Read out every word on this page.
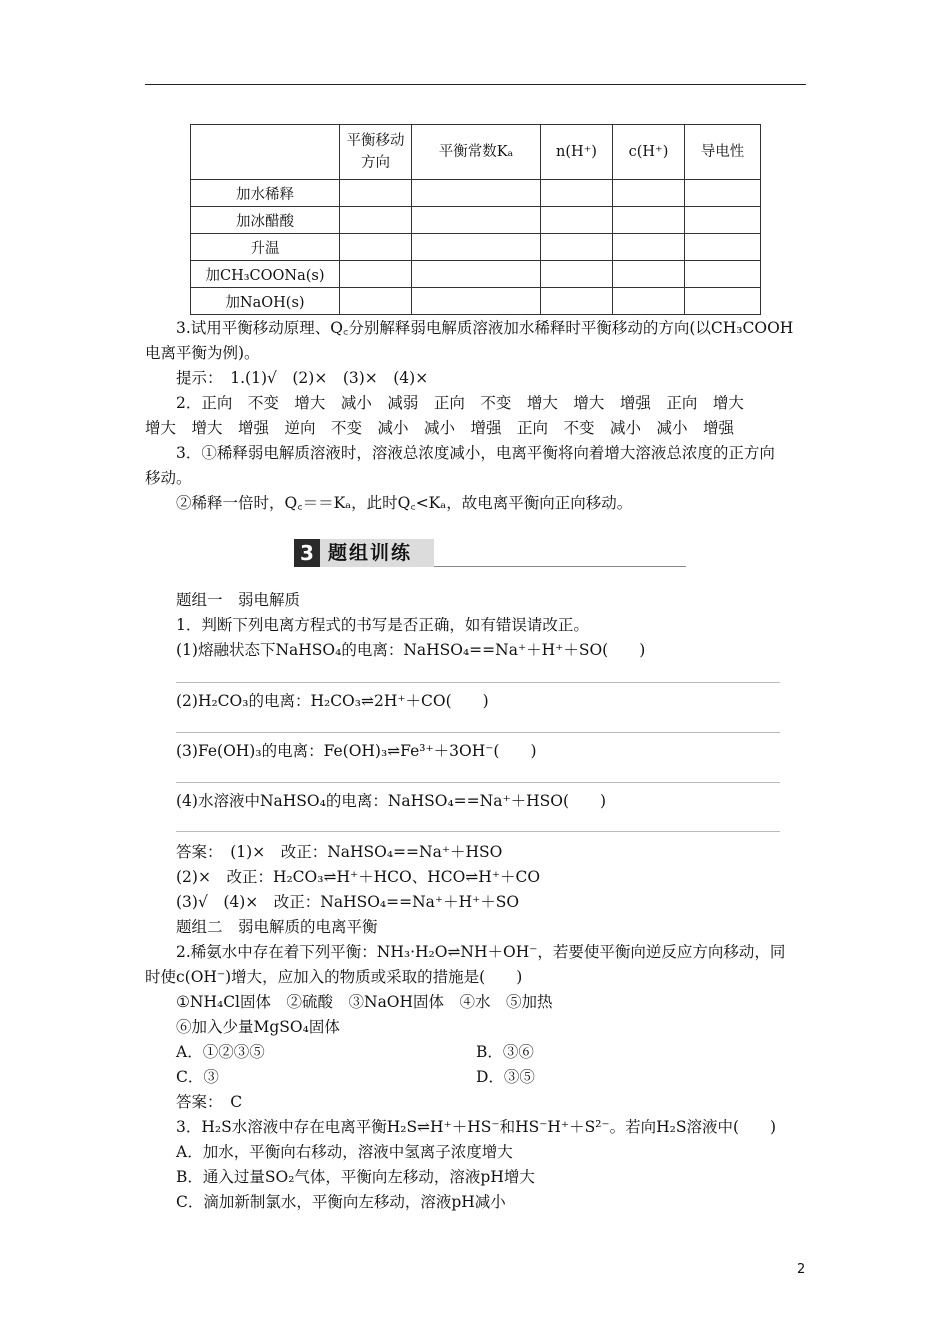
	平衡移动方向	平衡常数Kₐ	n(H⁺)	c(H⁺)	导电性
加水稀释					
加冰醋酸					
升温					
加CH₃COONa(s)					
加NaOH(s)					
3.试用平衡移动原理、Q꜀分别解释弱电解质溶液加水稀释时平衡移动的方向(以CH₃COOH
电离平衡为例)。
提示：　1.(1)√　(2)×　(3)×　(4)×
2．正向　不变　增大　减小　减弱　正向　不变　增大　增大　增强　正向　增大
增大　增大　增强　逆向　不变　减小　减小　增强　正向　不变　减小　减小　增强
3．①稀释弱电解质溶液时，溶液总浓度减小，电离平衡将向着增大溶液总浓度的正方向
移动。
②稀释一倍时，Q꜀＝＝Kₐ，此时Q꜀<Kₐ，故电离平衡向正向移动。
3 题组训练
题组一　弱电解质
1．判断下列电离方程式的书写是否正确，如有错误请改正。
(1)熔融状态下NaHSO₄的电离：NaHSO₄==Na⁺＋H⁺＋SO(　　)
(2)H₂CO₃的电离：H₂CO₃⇌2H⁺＋CO(　　)
(3)Fe(OH)₃的电离：Fe(OH)₃⇌Fe³⁺＋3OH⁻(　　)
(4)水溶液中NaHSO₄的电离：NaHSO₄==Na⁺＋HSO(　　)
答案：　(1)×　改正：NaHSO₄==Na⁺＋HSO
(2)×　改正：H₂CO₃⇌H⁺＋HCO、HCO⇌H⁺＋CO
(3)√　(4)×　改正：NaHSO₄==Na⁺＋H⁺＋SO
题组二　弱电解质的电离平衡
2.稀氨水中存在着下列平衡：NH₃·H₂O⇌NH＋OH⁻，若要使平衡向逆反应方向移动，同
时使c(OH⁻)增大，应加入的物质或采取的措施是(　　)
①NH₄Cl固体　②硫酸　③NaOH固体　④水　⑤加热
⑥加入少量MgSO₄固体
A．①②③⑤	B．③⑥
C．③	D．③⑤
答案：　C
3．H₂S水溶液中存在电离平衡H₂S⇌H⁺＋HS⁻和HS⁻H⁺＋S²⁻。若向H₂S溶液中(　　)
A．加水，平衡向右移动，溶液中氢离子浓度增大
B．通入过量SO₂气体，平衡向左移动，溶液pH增大
C．滴加新制氯水，平衡向左移动，溶液pH减小
2
